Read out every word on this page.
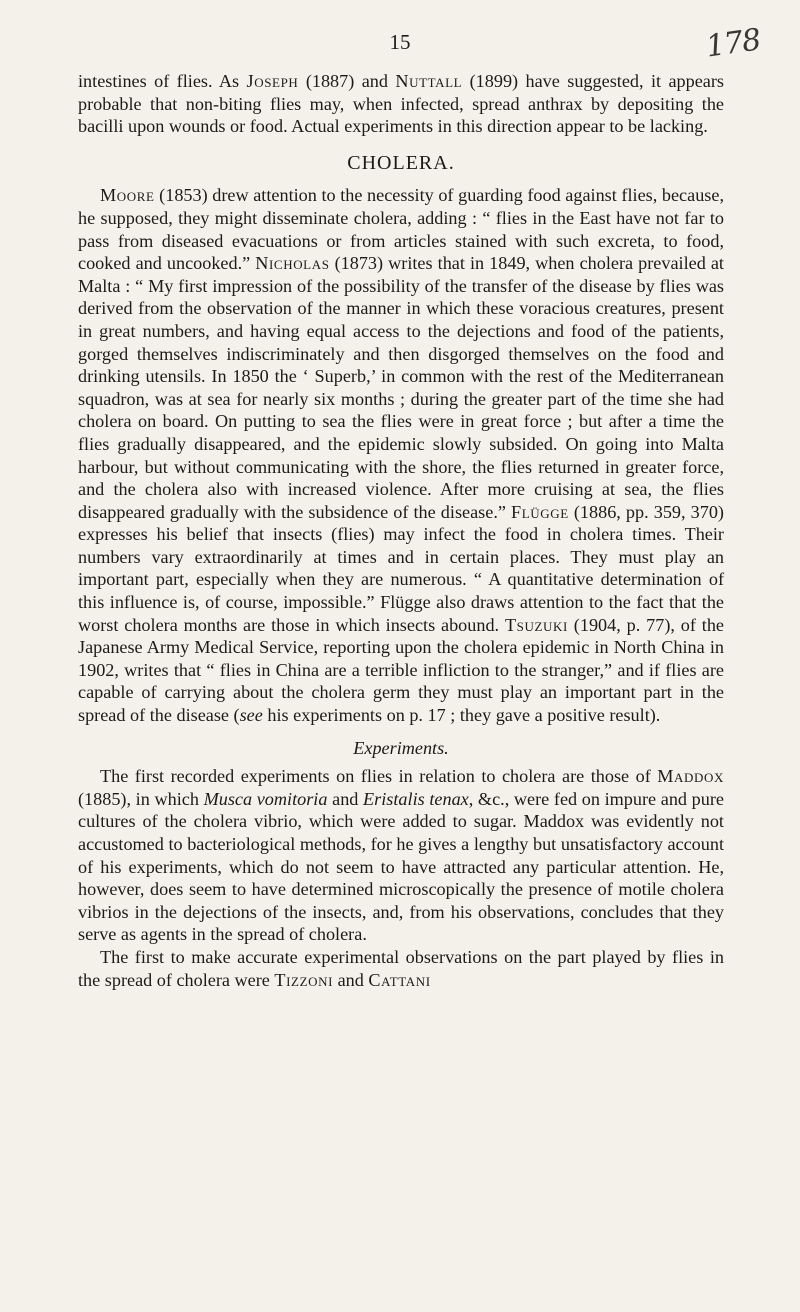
178
15

intestines of flies. As Joseph (1887) and Nuttall (1899) have suggested, it appears probable that non-biting flies may, when infected, spread anthrax by depositing the bacilli upon wounds or food. Actual experiments in this direction appear to be lacking.

CHOLERA.

Moore (1853) drew attention to the necessity of guarding food against flies, because, he supposed, they might disseminate cholera, adding : “ flies in the East have not far to pass from diseased evacuations or from articles stained with such excreta, to food, cooked and uncooked.” Nicholas (1873) writes that in 1849, when cholera prevailed at Malta : “ My first impression of the possibility of the transfer of the disease by flies was derived from the observation of the manner in which these voracious creatures, present in great numbers, and having equal access to the dejections and food of the patients, gorged themselves indiscriminately and then disgorged themselves on the food and drinking utensils. In 1850 the ‘ Superb,’ in common with the rest of the Mediterranean squadron, was at sea for nearly six months ; during the greater part of the time she had cholera on board. On putting to sea the flies were in great force ; but after a time the flies gradually disappeared, and the epidemic slowly subsided. On going into Malta harbour, but without communicating with the shore, the flies returned in greater force, and the cholera also with increased violence. After more cruising at sea, the flies disappeared gradually with the subsidence of the disease.” Flügge (1886, pp. 359, 370) expresses his belief that insects (flies) may infect the food in cholera times. Their numbers vary extraordinarily at times and in certain places. They must play an important part, especially when they are numerous. “ A quantitative determination of this influence is, of course, impossible.” Flügge also draws attention to the fact that the worst cholera months are those in which insects abound. Tsuzuki (1904, p. 77), of the Japanese Army Medical Service, reporting upon the cholera epidemic in North China in 1902, writes that “ flies in China are a terrible infliction to the stranger,” and if flies are capable of carrying about the cholera germ they must play an important part in the spread of the disease (see his experiments on p. 17 ; they gave a positive result).

Experiments.

The first recorded experiments on flies in relation to cholera are those of Maddox (1885), in which Musca vomitoria and Eristalis tenax, &c., were fed on impure and pure cultures of the cholera vibrio, which were added to sugar. Maddox was evidently not accustomed to bacteriological methods, for he gives a lengthy but unsatisfactory account of his experiments, which do not seem to have attracted any particular attention. He, however, does seem to have determined microscopically the presence of motile cholera vibrios in the dejections of the insects, and, from his observations, concludes that they serve as agents in the spread of cholera.

The first to make accurate experimental observations on the part played by flies in the spread of cholera were Tizzoni and Cattani
